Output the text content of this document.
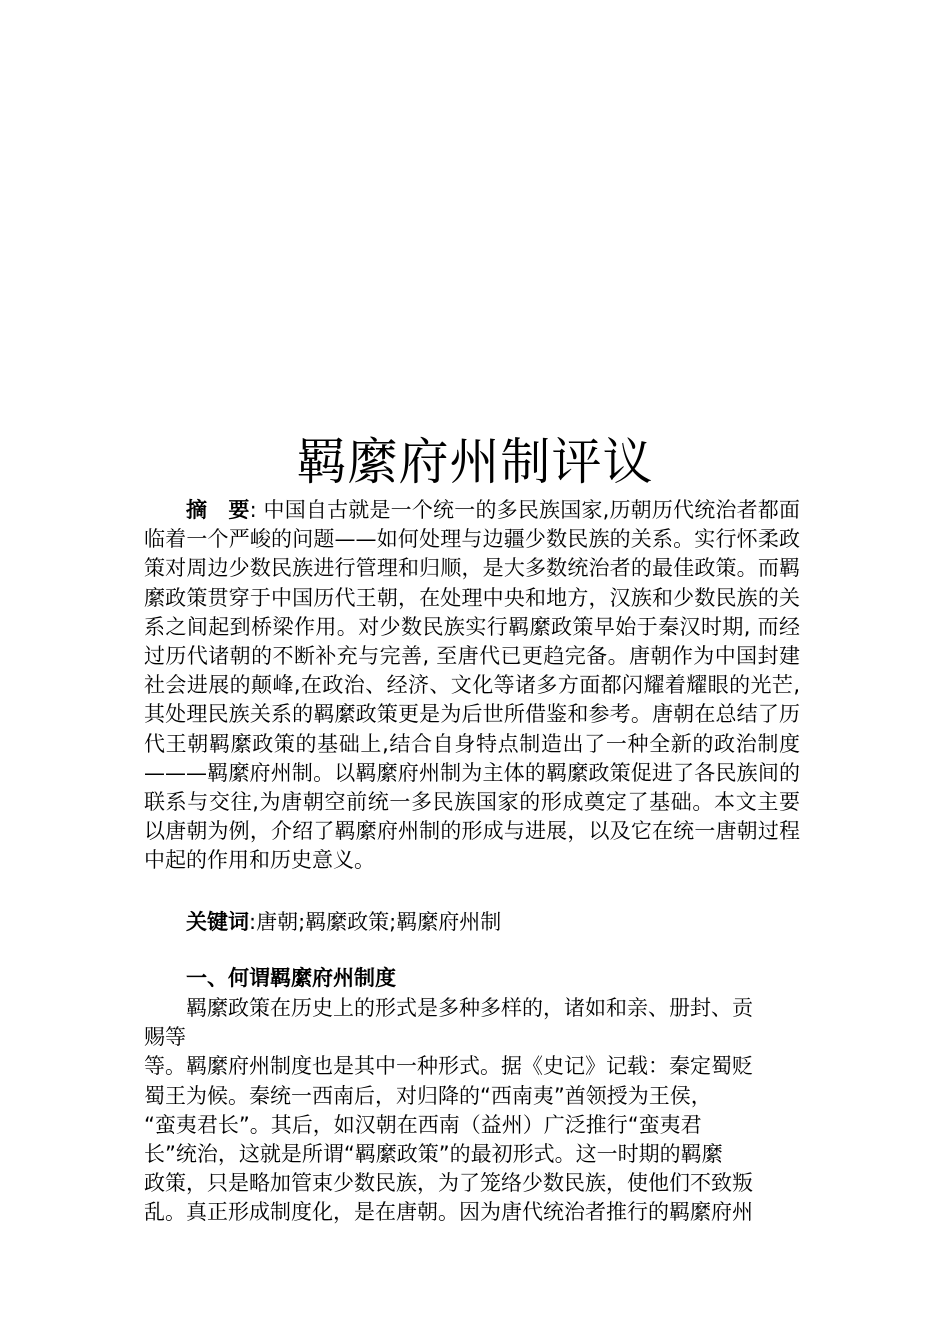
羁縻府州制评议

摘　要: 中国自古就是一个统一的多民族国家,历朝历代统治者都面临着一个严峻的问题——如何处理与边疆少数民族的关系。实行怀柔政策对周边少数民族进行管理和归顺，是大多数统治者的最佳政策。而羁縻政策贯穿于中国历代王朝，在处理中央和地方，汉族和少数民族的关系之间起到桥梁作用。对少数民族实行羁縻政策早始于秦汉时期, 而经过历代诸朝的不断补充与完善, 至唐代已更趋完备。唐朝作为中国封建社会进展的颠峰,在政治、经济、文化等诸多方面都闪耀着耀眼的光芒,其处理民族关系的羁縻政策更是为后世所借鉴和参考。唐朝在总结了历代王朝羁縻政策的基础上,结合自身特点制造出了一种全新的政治制度———羁縻府州制。以羁縻府州制为主体的羁縻政策促进了各民族间的联系与交往,为唐朝空前统一多民族国家的形成奠定了基础。本文主要以唐朝为例，介绍了羁縻府州制的形成与进展，以及它在统一唐朝过程中起的作用和历史意义。

关键词:唐朝;羁縻政策;羁縻府州制

一、何谓羁縻府州制度

羁縻政策在历史上的形式是多种多样的，诸如和亲、册封、贡
赐等
等。羁縻府州制度也是其中一种形式。据《史记》记载：秦定蜀贬
蜀王为候。秦统一西南后，对归降的“西南夷”酋领授为王侯，
“蛮夷君长”。其后，如汉朝在西南（益州）广泛推行“蛮夷君
长”统治，这就是所谓“羁縻政策”的最初形式。这一时期的羁縻
政策，只是略加管束少数民族，为了笼络少数民族，使他们不致叛
乱。真正形成制度化，是在唐朝。因为唐代统治者推行的羁縻府州
